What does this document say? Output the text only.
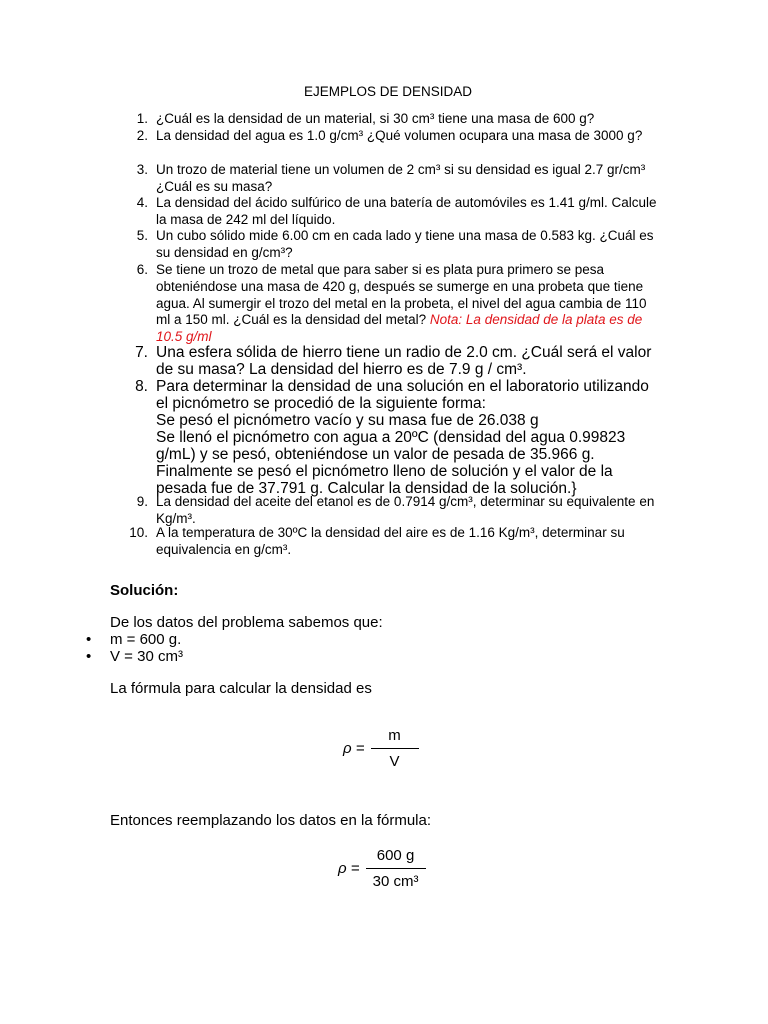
EJEMPLOS DE DENSIDAD
1. ¿Cuál es la densidad de un material, si 30 cm³ tiene una masa de 600 g?
2. La densidad del agua es 1.0 g/cm³ ¿Qué volumen ocupara una masa de 3000 g?
3. Un trozo de material tiene un volumen de 2 cm³ si su densidad es igual 2.7 gr/cm³ ¿Cuál es su masa?
4. La densidad del ácido sulfúrico de una batería de automóviles es 1.41 g/ml. Calcule la masa de 242 ml del líquido.
5. Un cubo sólido mide 6.00 cm en cada lado y tiene una masa de 0.583 kg. ¿Cuál es su densidad en g/cm³?
6. Se tiene un trozo de metal que para saber si es plata pura primero se pesa obteniéndose una masa de 420 g, después se sumerge en una probeta que tiene agua. Al sumergir el trozo del metal en la probeta, el nivel del agua cambia de 110 ml a 150 ml. ¿Cuál es la densidad del metal? Nota: La densidad de la plata es de 10.5 g/ml
7. Una esfera sólida de hierro tiene un radio de 2.0 cm. ¿Cuál será el valor de su masa? La densidad del hierro es de 7.9 g / cm³.
8. Para determinar la densidad de una solución en el laboratorio utilizando el picnómetro se procedió de la siguiente forma:
Se pesó el picnómetro vacío y su masa fue de 26.038 g
Se llenó el picnómetro con agua a 20ºC (densidad del agua 0.99823 g/mL) y se pesó, obteniéndose un valor de pesada de 35.966 g.
Finalmente se pesó el picnómetro lleno de solución y el valor de la pesada fue de 37.791 g. Calcular la densidad de la solución.}
9. La densidad del aceite del etanol es de 0.7914 g/cm³, determinar su equivalente en Kg/m³.
10. A la temperatura de 30ºC la densidad del aire es de 1.16 Kg/m³, determinar su equivalencia en g/cm³.
Solución:
De los datos del problema sabemos que:
• m = 600 g.
• V = 30 cm³
La fórmula para calcular la densidad es
ρ =
m
V
Entonces reemplazando los datos en la fórmula:
ρ =
600 g
30 cm³
